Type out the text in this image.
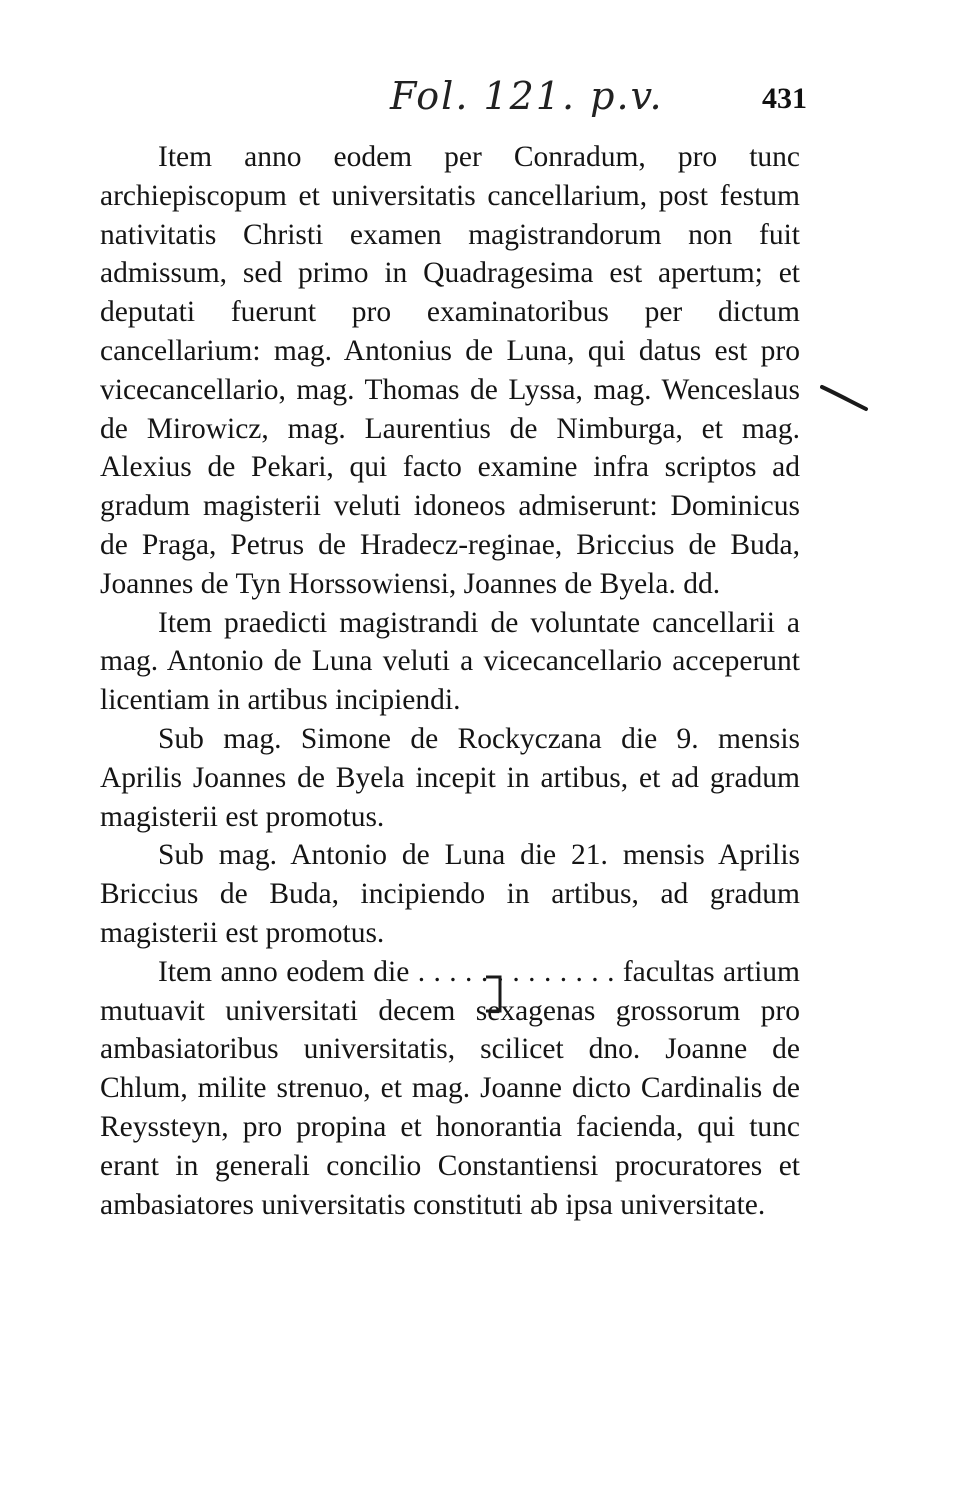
Fol. 121. p.v.	431

Item anno eodem per Conradum, pro tunc archiepiscopum et universitatis cancellarium, post festum nativitatis Christi examen magistrandorum non fuit admissum, sed primo in Quadragesima est apertum; et deputati fuerunt pro examinatoribus per dictum cancellarium: mag. Antonius de Luna, qui datus est pro vicecancellario, mag. Thomas de Lyssa, mag. Wenceslaus de Mirowicz, mag. Laurentius de Nimburga, et mag. Alexius de Pekari, qui facto examine infra scriptos ad gradum magisterii veluti idoneos admiserunt: Dominicus de Praga, Petrus de Hradecz-reginae, Briccius de Buda, Joannes de Tyn Horssowiensi, Joannes de Byela. dd.

Item praedicti magistrandi de voluntate cancellarii a mag. Antonio de Luna veluti a vicecancellario acceperunt licentiam in artibus incipiendi.

Sub mag. Simone de Rockyczana die 9. mensis Aprilis Joannes de Byela incepit in artibus, et ad gradum magisterii est promotus.

Sub mag. Antonio de Luna die 21. mensis Aprilis Briccius de Buda, incipiendo in artibus, ad gradum magisterii est promotus.

Item anno eodem die . . . . . . . . . . . . . facultas artium mutuavit universitati decem sexagenas grossorum pro ambasiatoribus universitatis, scilicet dno. Joanne de Chlum, milite strenuo, et mag. Joanne dicto Cardinalis de Reyssteyn, pro propina et honorantia facienda, qui tunc erant in generali concilio Constantiensi procuratores et ambasiatores universitatis constituti ab ipsa universitate.
